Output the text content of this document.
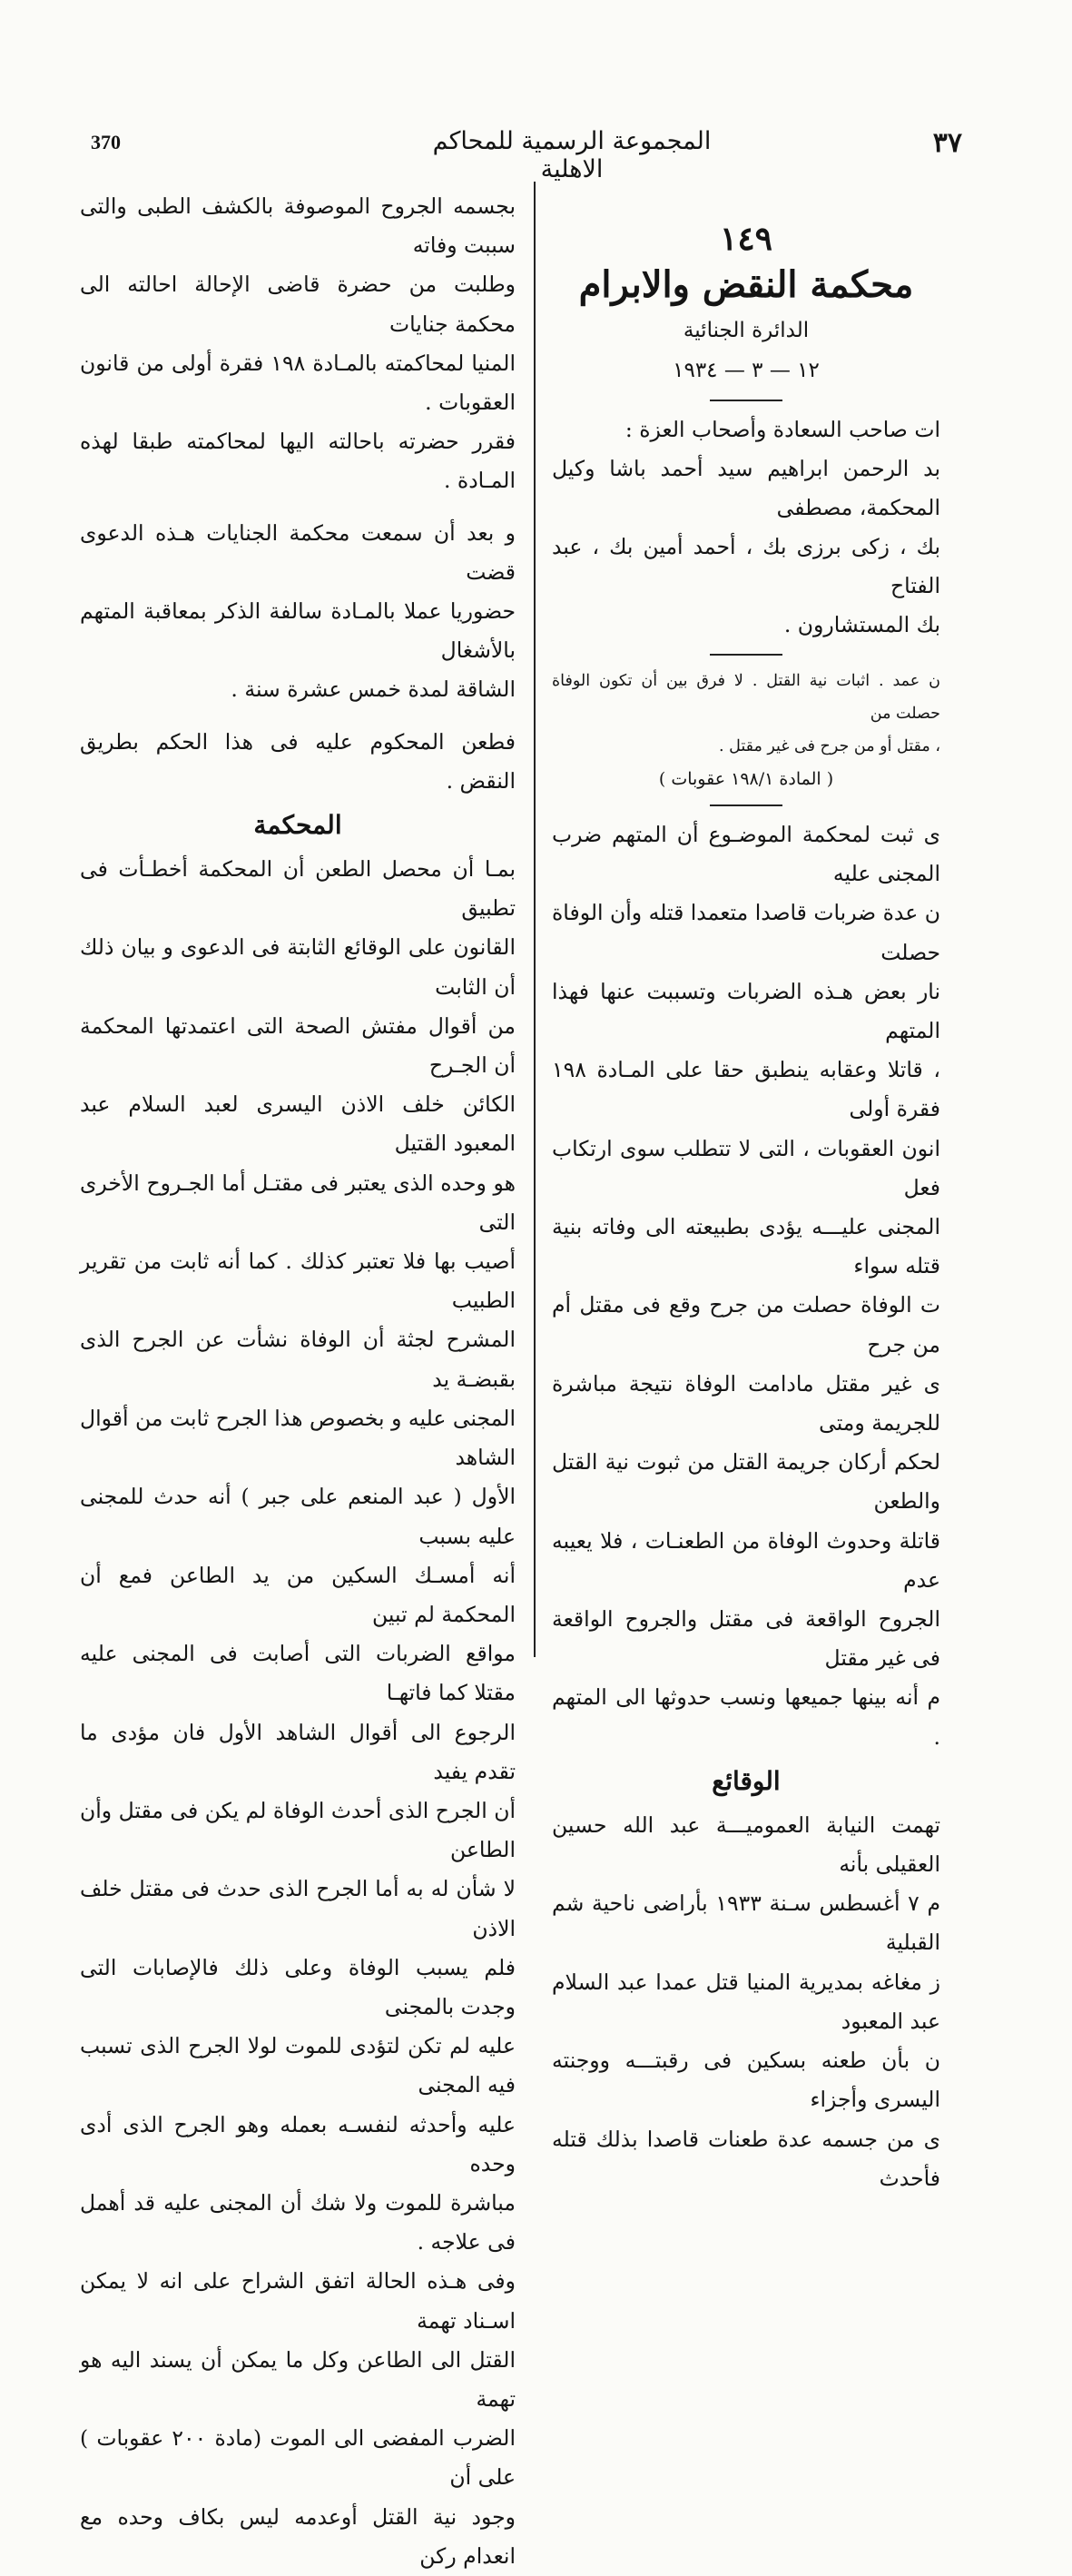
370	المجموعة الرسمية للمحاكم الاهلية
٣٧
١٤٩
محكمة النقض والابرام
الدائرة الجنائية
١٢ — ٣ — ١٩٣٤

ات صاحب السعادة وأصحاب العزة :

بد الرحمن ابراهيم سيد أحمد باشا وكيل المحكمة، مصطفى

بك ، زكى برزى بك ، أحمد أمين بك ، عبد الفتاح

بك المستشارون .

ن عمد . اثبات نية القتل . لا فرق بين أن تكون الوفاة حصلت من

، مقتل أو من جرح فى غير مقتل .

( المادة ١٩٨/١ عقوبات )

ى ثبت لمحكمة الموضـوع أن المتهم ضرب المجنى عليه

ن عدة ضربات قاصدا متعمدا قتله وأن الوفاة حصلت

نار بعض هـذه الضربات وتسببت عنها فهذا المتهم

، قاتلا وعقابه ينطبق حقا على المـادة ١٩٨ فقرة أولى

انون العقوبات ، التى لا تتطلب سوى ارتكاب فعل

المجنى عليـــه يؤدى بطبيعته الى وفاته بنية قتله سواء

ت الوفاة حصلت من جرح وقع فى مقتل أم من جرح

ى غير مقتل مادامت الوفاة نتيجة مباشرة للجريمة ومتى

لحكم أركان جريمة القتل من ثبوت نية القتل والطعن

قاتلة وحدوث الوفاة من الطعنـات ، فلا يعيبه عدم

الجروح الواقعة فى مقتل والجروح الواقعة فى غير مقتل

م أنه بينها جميعها ونسب حدوثها الى المتهم .

الوقائع

تهمت النيابة العموميـــة عبد الله حسين العقيلى بأنه

م ٧ أغسطس سـنة ١٩٣٣ بأراضى ناحية شم القبلية

ز مغاغه بمديرية المنيا قتل عمدا عبد السلام عبد المعبود

ن بأن طعنه بسكين فى رقبتـــه ووجنته اليسرى وأجزاء

ى من جسمه عدة طعنات قاصدا بذلك قتله فأحدث

بجسمه الجروح الموصوفة بالكشف الطبى والتى سببت وفاته

وطلبت من حضرة قاضى الإحالة احالته الى محكمة جنايات

المنيا لمحاكمته بالمـادة ١٩٨ فقرة أولى من قانون العقوبات .

فقرر حضرته باحالته اليها لمحاكمته طبقا لهذه المـادة .

و بعد أن سمعت محكمة الجنايات هـذه الدعوى قضت

حضوريا عملا بالمـادة سالفة الذكر بمعاقبة المتهم بالأشغال

الشاقة لمدة خمس عشرة سنة .

فطعن المحكوم عليه فى هذا الحكم بطريق النقض .

المحكمة

بمـا أن محصل الطعن أن المحكمة أخطـأت فى تطبيق

القانون على الوقائع الثابتة فى الدعوى و بيان ذلك أن الثابت

من أقوال مفتش الصحة التى اعتمدتها المحكمة أن الجـرح

الكائن خلف الاذن اليسرى لعبد السلام عبد المعبود القتيل

هو وحده الذى يعتبر فى مقتـل أما الجـروح الأخرى التى

أصيب بها فلا تعتبر كذلك . كما أنه ثابت من تقرير الطبيب

المشرح لجثة أن الوفاة نشأت عن الجرح الذى بقبضـة يد

المجنى عليه و بخصوص هذا الجرح ثابت من أقوال الشاهد

الأول ( عبد المنعم على جبر ) أنه حدث للمجنى عليه بسبب

أنه أمسـك السكين من يد الطاعن فمع أن المحكمة لم تبين

مواقع الضربات التى أصابت فى المجنى عليه مقتلا كما فاتهـا

الرجوع الى أقوال الشاهد الأول فان مؤدى ما تقدم يفيد

أن الجرح الذى أحدث الوفاة لم يكن فى مقتل وأن الطاعن

لا شأن له به أما الجرح الذى حدث فى مقتل خلف الاذن

فلم يسبب الوفاة وعلى ذلك فالإصابات التى وجدت بالمجنى

عليه لم تكن لتؤدى للموت لولا الجرح الذى تسبب فيه المجنى

عليه وأحدثه لنفسـه بعمله وهو الجرح الذى أدى وحده

مباشرة للموت ولا شك أن المجنى عليه قد أهمل فى علاجه .

وفى هـذه الحالة اتفق الشراح على انه لا يمكن اسـناد تهمة

القتل الى الطاعن وكل ما يمكن أن يسند اليه هو تهمة

الضرب المفضى الى الموت (مادة ٢٠٠ عقوبات ) على أن

وجود نية القتل أوعدمه ليس بكاف وحده مع انعدام ركن
